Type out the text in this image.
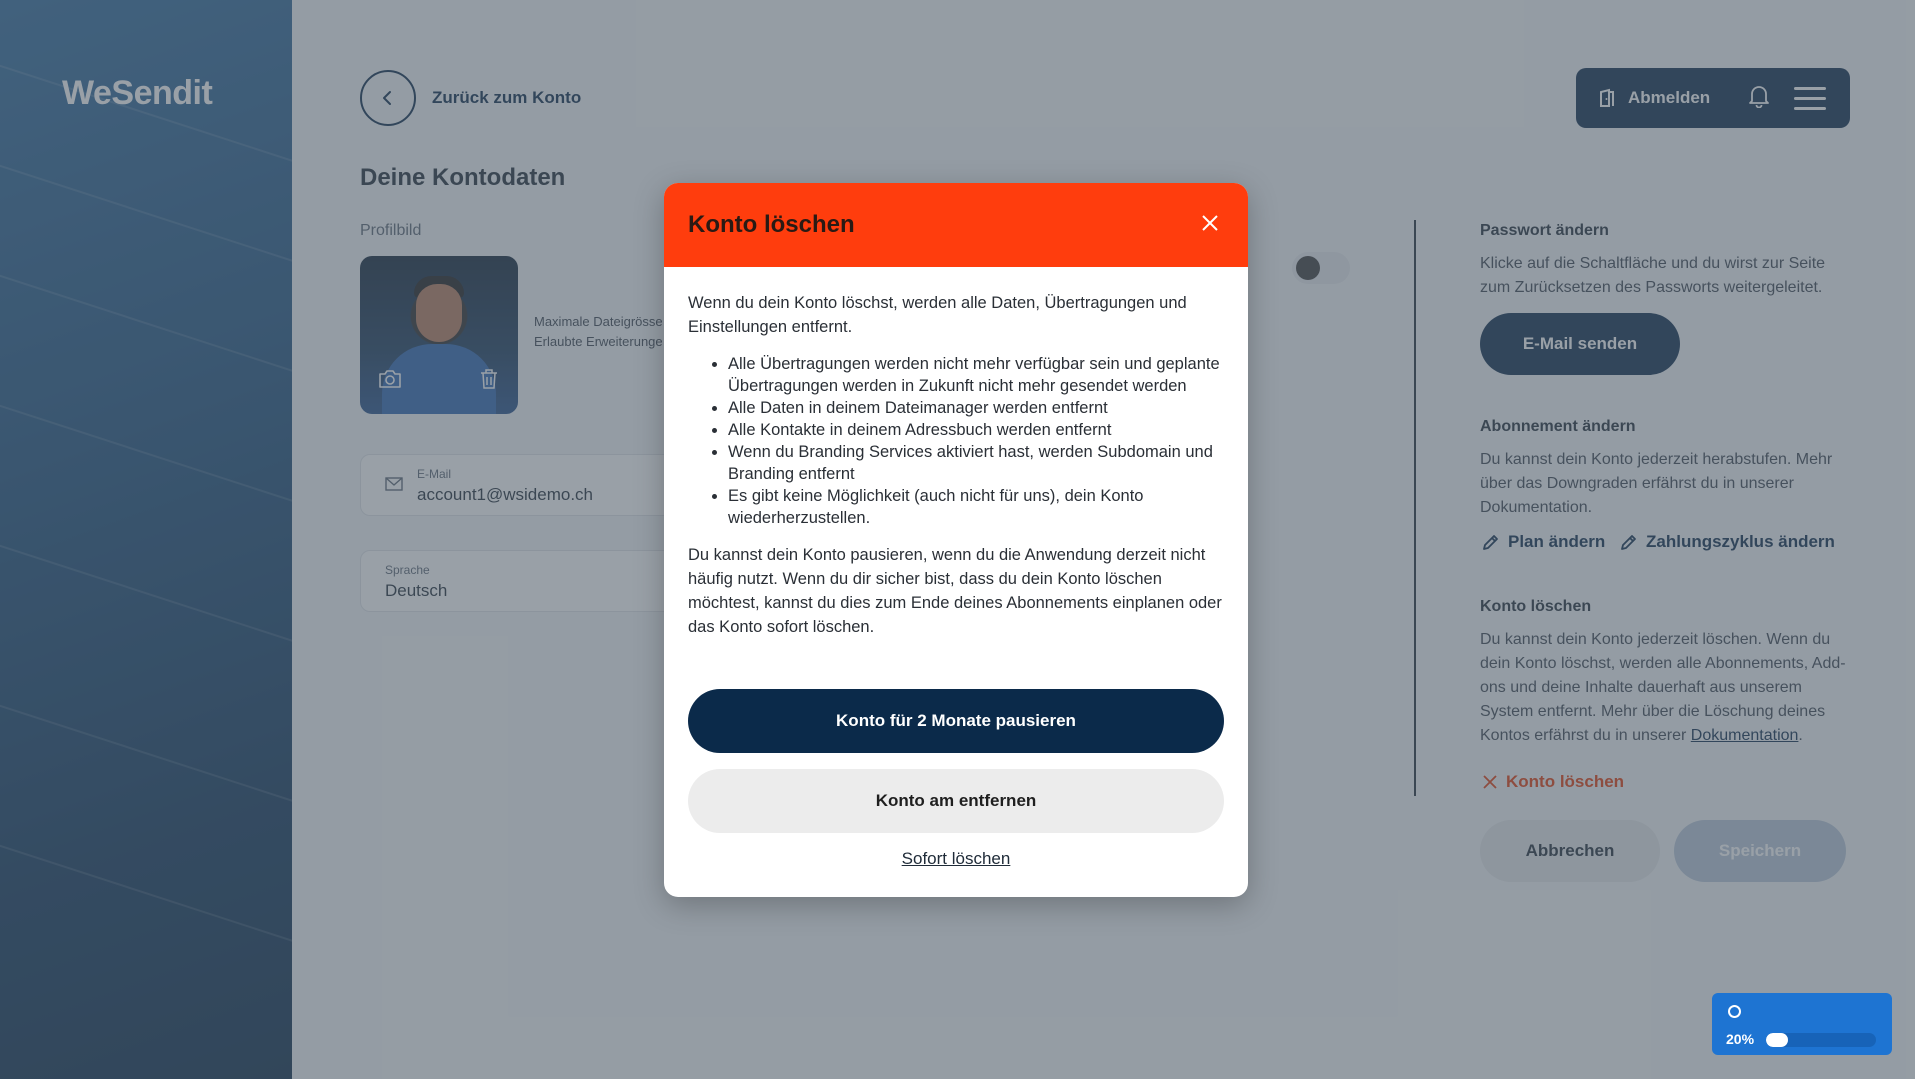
Konto löschen

Wenn du dein Konto löschst, werden alle Daten, Übertragungen und Einstellungen entfernt.

• Alle Übertragungen werden nicht mehr verfügbar sein und geplante Übertragungen werden in Zukunft nicht mehr gesendet werden
• Alle Daten in deinem Dateimanager werden entfernt
• Alle Kontakte in deinem Adressbuch werden entfernt
• Wenn du Branding Services aktiviert hast, werden Subdomain und Branding entfernt
• Es gibt keine Möglichkeit (auch nicht für uns), dein Konto wiederherzustellen.

Du kannst dein Konto pausieren, wenn du die Anwendung derzeit nicht häufig nutzt. Wenn du dir sicher bist, dass du dein Konto löschen möchtest, kannst du dies zum Ende deines Abonnements einplanen oder das Konto sofort löschen.

Konto für 2 Monate pausieren
Konto am entfernen
Sofort löschen
20%
